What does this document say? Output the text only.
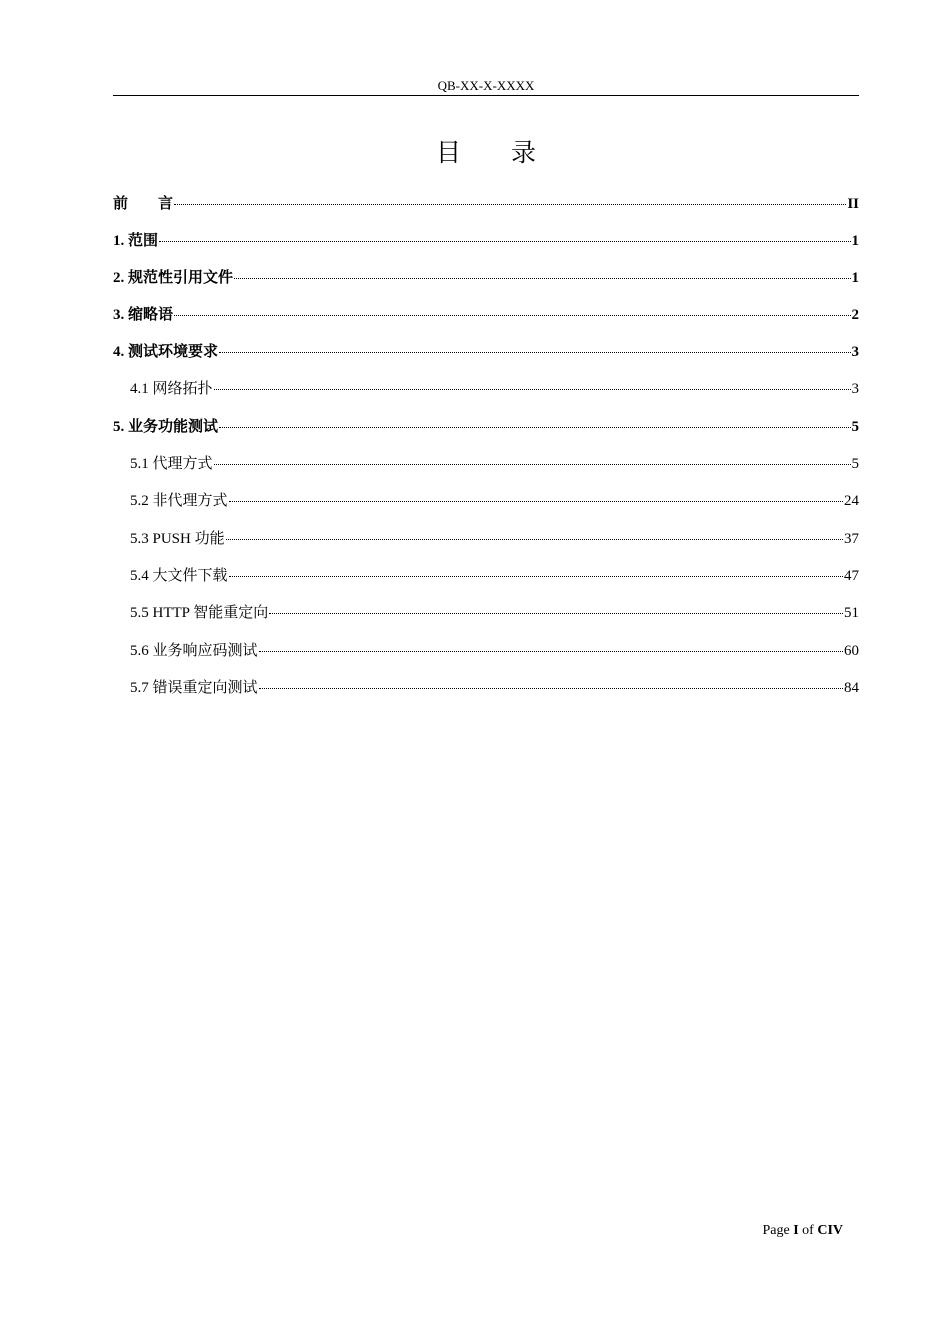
QB-XX-X-XXXX
目 录
前　　言	II
1. 范围	1
2. 规范性引用文件	1
3. 缩略语	2
4. 测试环境要求	3
4.1 网络拓扑	3
5. 业务功能测试	5
5.1 代理方式	5
5.2 非代理方式	24
5.3 PUSH 功能	37
5.4 大文件下载	47
5.5 HTTP 智能重定向	51
5.6 业务响应码测试	60
5.7 错误重定向测试	84
Page I of CIV
